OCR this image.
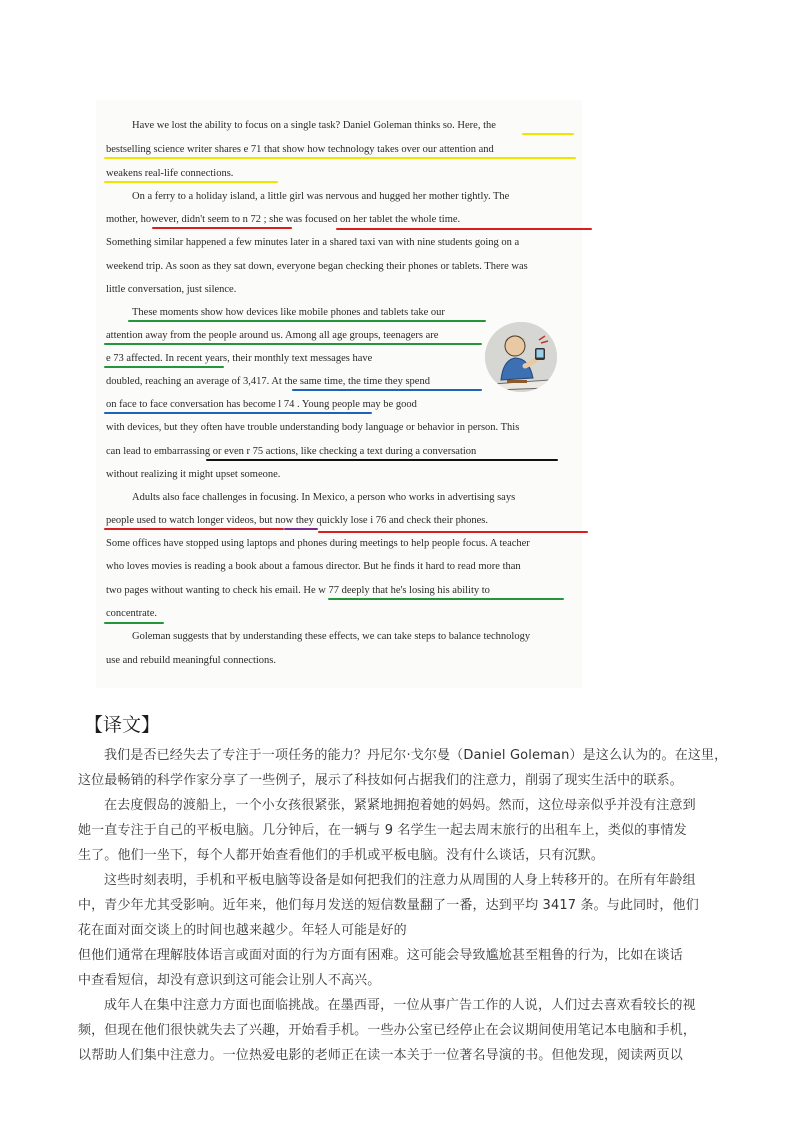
Have we lost the ability to focus on a single task? Daniel Goleman thinks so. Here, the

bestselling science writer shares e 71 that show how technology takes over our attention and

weakens real-life connections.

On a ferry to a holiday island, a little girl was nervous and hugged her mother tightly. The

mother, however, didn't seem to n 72 ; she was focused on her tablet the whole time.

Something similar happened a few minutes later in a shared taxi van with nine students going on a

weekend trip. As soon as they sat down, everyone began checking their phones or tablets. There was

little conversation, just silence.

These moments show how devices like mobile phones and tablets take our

attention away from the people around us. Among all age groups, teenagers are

e 73 affected. In recent years, their monthly text messages have

doubled, reaching an average of 3,417. At the same time, the time they spend

on face to face conversation has become l 74 . Young people may be good

with devices, but they often have trouble understanding body language or behavior in person. This

can lead to embarrassing or even r 75 actions, like checking a text during a conversation

without realizing it might upset someone.

Adults also face challenges in focusing. In Mexico, a person who works in advertising says

people used to watch longer videos, but now they quickly lose i 76 and check their phones.

Some offices have stopped using laptops and phones during meetings to help people focus. A teacher

who loves movies is reading a book about a famous director. But he finds it hard to read more than

two pages without wanting to check his email. He w 77 deeply that he's losing his ability to

concentrate.

Goleman suggests that by understanding these effects, we can take steps to balance technology

use and rebuild meaningful connections.

【译文】

我们是否已经失去了专注于一项任务的能力？丹尼尔·戈尔曼（Daniel Goleman）是这么认为的。在这里，

这位最畅销的科学作家分享了一些例子，展示了科技如何占据我们的注意力，削弱了现实生活中的联系。

在去度假岛的渡船上，一个小女孩很紧张，紧紧地拥抱着她的妈妈。然而，这位母亲似乎并没有注意到

她一直专注于自己的平板电脑。几分钟后，在一辆与 9 名学生一起去周末旅行的出租车上，类似的事情发

生了。他们一坐下，每个人都开始查看他们的手机或平板电脑。没有什么谈话，只有沉默。

这些时刻表明，手机和平板电脑等设备是如何把我们的注意力从周围的人身上转移开的。在所有年龄组

中，青少年尤其受影响。近年来，他们每月发送的短信数量翻了一番，达到平均 3417 条。与此同时，他们

花在面对面交谈上的时间也越来越少。年轻人可能是好的

但他们通常在理解肢体语言或面对面的行为方面有困难。这可能会导致尴尬甚至粗鲁的行为，比如在谈话

中查看短信，却没有意识到这可能会让别人不高兴。

成年人在集中注意力方面也面临挑战。在墨西哥，一位从事广告工作的人说，人们过去喜欢看较长的视

频，但现在他们很快就失去了兴趣，开始看手机。一些办公室已经停止在会议期间使用笔记本电脑和手机，

以帮助人们集中注意力。一位热爱电影的老师正在读一本关于一位著名导演的书。但他发现，阅读两页以
